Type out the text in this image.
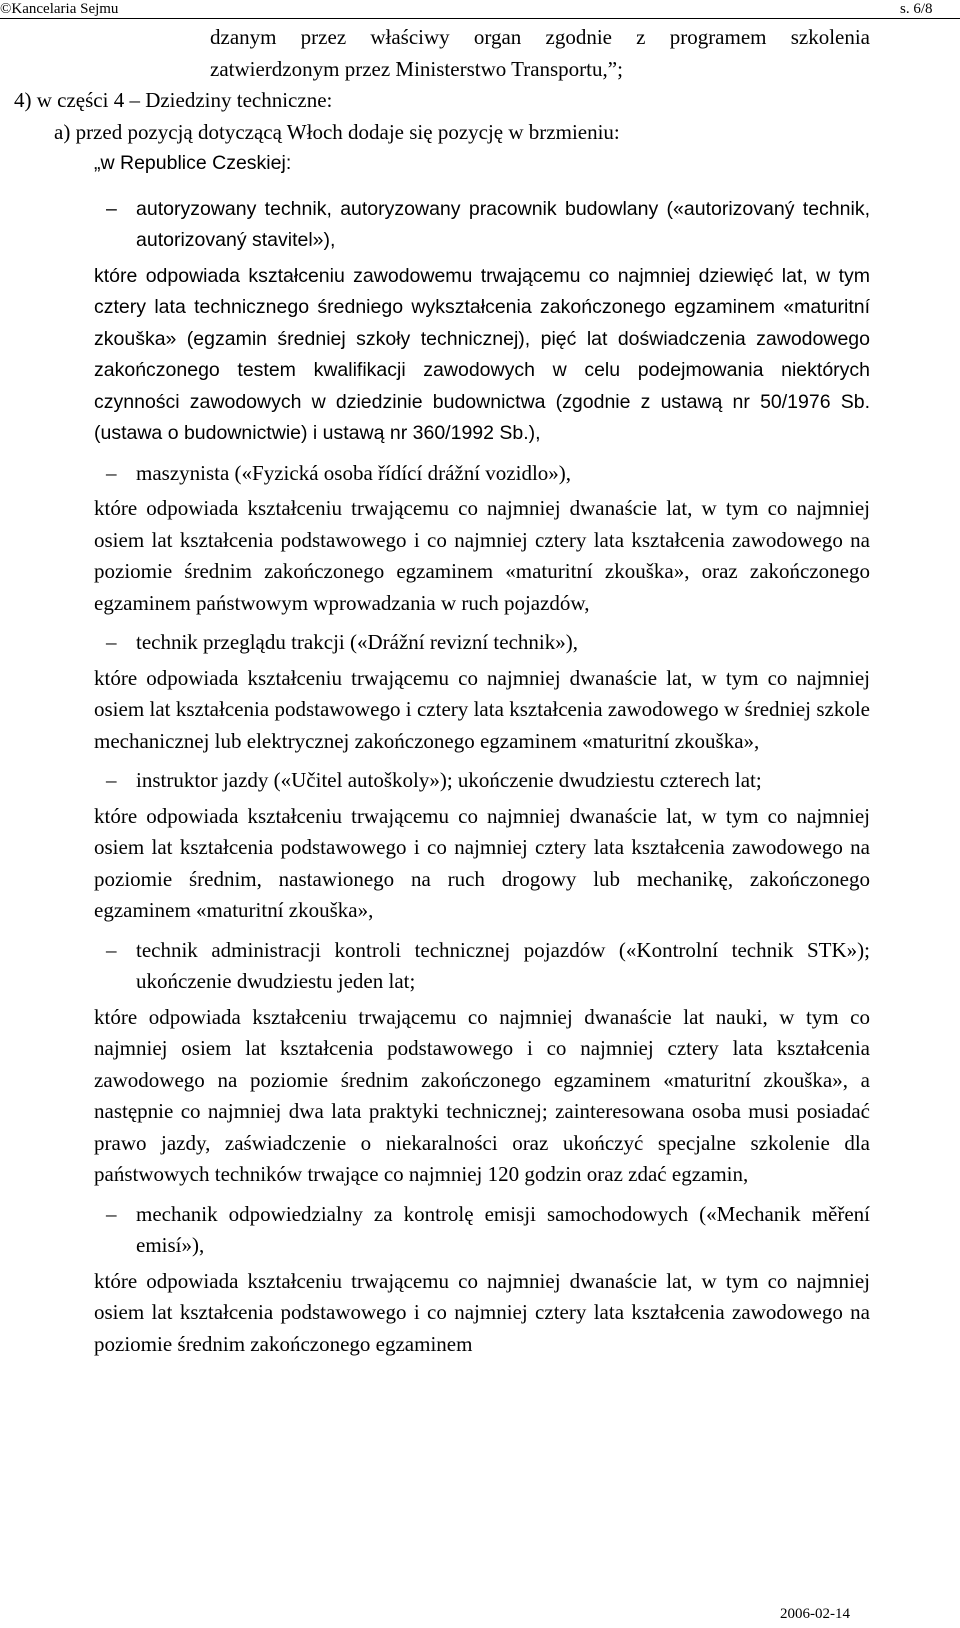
©Kancelaria Sejmu	s. 6/8

dzanym przez właściwy organ zgodnie z programem szkolenia zatwierdzonym przez Ministerstwo Transportu,”;

4) w części 4 – Dziedziny techniczne:

a) przed pozycją dotyczącą Włoch dodaje się pozycję w brzmieniu:

„w Republice Czeskiej:

– autoryzowany technik, autoryzowany pracownik budowlany («autorizovaný technik, autorizovaný stavitel»),

które odpowiada kształceniu zawodowemu trwającemu co najmniej dziewięć lat, w tym cztery lata technicznego średniego wykształcenia zakończonego egzaminem «maturitní zkouška» (egzamin średniej szkoły technicznej), pięć lat doświadczenia zawodowego zakończonego testem kwalifikacji zawodowych w celu podejmowania niektórych czynności zawodowych w dziedzinie budownictwa (zgodnie z ustawą nr 50/1976 Sb. (ustawa o budownictwie) i ustawą nr 360/1992 Sb.),

– maszynista («Fyzická osoba řídící drážní vozidlo»),

które odpowiada kształceniu trwającemu co najmniej dwanaście lat, w tym co najmniej osiem lat kształcenia podstawowego i co najmniej cztery lata kształcenia zawodowego na poziomie średnim zakończonego egzaminem «maturitní zkouška», oraz zakończonego egzaminem państwowym wprowadzania w ruch pojazdów,

– technik przeglądu trakcji («Drážní revizní technik»),

które odpowiada kształceniu trwającemu co najmniej dwanaście lat, w tym co najmniej osiem lat kształcenia podstawowego i cztery lata kształcenia zawodowego w średniej szkole mechanicznej lub elektrycznej zakończonego egzaminem «maturitní zkouška»,

– instruktor jazdy («Učitel autoškoly»); ukończenie dwudziestu czterech lat;

które odpowiada kształceniu trwającemu co najmniej dwanaście lat, w tym co najmniej osiem lat kształcenia podstawowego i co najmniej cztery lata kształcenia zawodowego na poziomie średnim, nastawionego na ruch drogowy lub mechanikę, zakończonego egzaminem «maturitní zkouška»,

– technik administracji kontroli technicznej pojazdów («Kontrolní technik STK»); ukończenie dwudziestu jeden lat;

które odpowiada kształceniu trwającemu co najmniej dwanaście lat nauki, w tym co najmniej osiem lat kształcenia podstawowego i co najmniej cztery lata kształcenia zawodowego na poziomie średnim zakończonego egzaminem «maturitní zkouška», a następnie co najmniej dwa lata praktyki technicznej; zainteresowana osoba musi posiadać prawo jazdy, zaświadczenie o niekaralności oraz ukończyć specjalne szkolenie dla państwowych techników trwające co najmniej 120 godzin oraz zdać egzamin,

– mechanik odpowiedzialny za kontrolę emisji samochodowych («Mechanik měření emisí»),

które odpowiada kształceniu trwającemu co najmniej dwanaście lat, w tym co najmniej osiem lat kształcenia podstawowego i co najmniej cztery lata kształcenia zawodowego na poziomie średnim zakończonego egzaminem

2006-02-14
